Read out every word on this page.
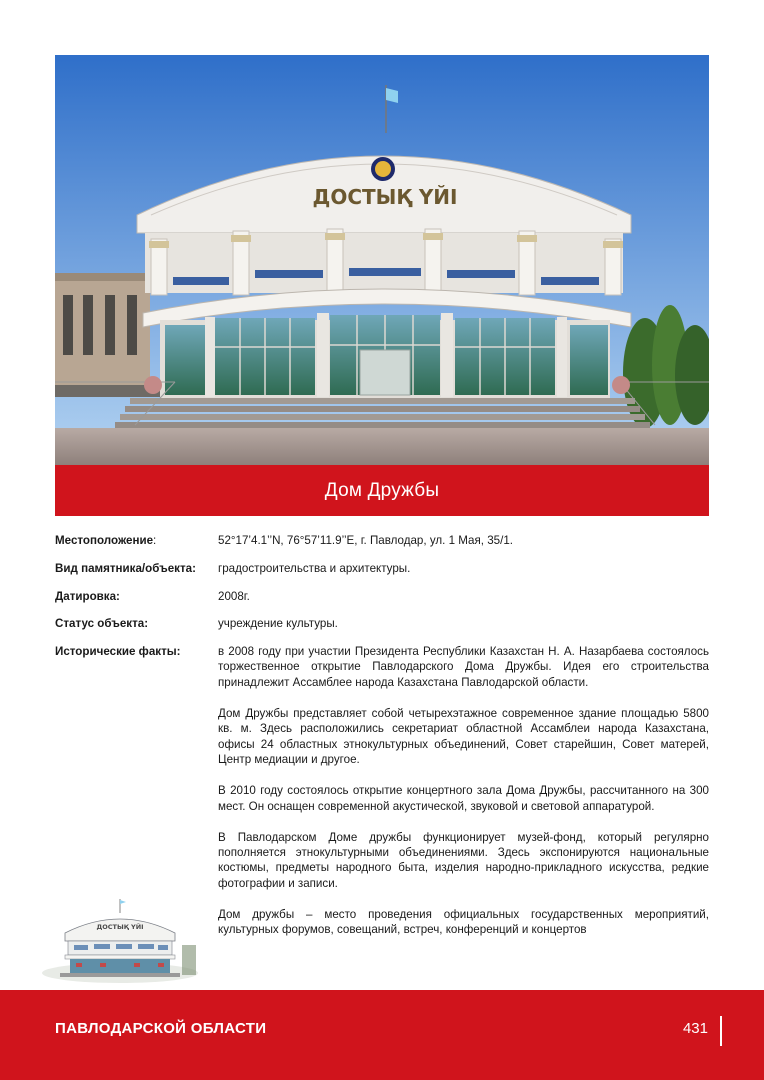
ДОСТЫҚ ҮЙІ
Дом Дружбы
Местоположение:	52°17’4.1’’N, 76°57’11.9’’E, г. Павлодар, ул. 1 Мая, 35/1.
Вид памятника/объекта:	градостроительства и архитектуры.
Датировка:	2008г.
Статус объекта:	учреждение культуры.
Исторические факты:	в 2008 году при участии Президента Республики Казахстан Н. А. Назарбаева состоялось торжественное открытие Павлодарского Дома Дружбы. Идея его строительства принадлежит Ассамблее народа Казахстана Павлодарской области.

Дом Дружбы представляет собой четырехэтажное современное здание площадью 5800 кв. м. Здесь расположились секретариат областной Ассамблеи народа Казахстана, офисы 24 областных этнокультурных объединений, Совет старейшин, Совет матерей, Центр медиации и другое.

В 2010 году состоялось открытие концертного зала Дома Дружбы, рассчитанного на 300 мест. Он оснащен современной акустической, звуковой и световой аппаратурой.

В Павлодарском Доме дружбы функционирует музей-фонд, который регулярно пополняется этнокультурными объединениями. Здесь экспонируются национальные костюмы, предметы народного быта, изделия народно-прикладного искусства, редкие фотографии и записи.

Дом дружбы – место проведения официальных государственных мероприятий, культурных форумов, совещаний, встреч, конференций и концертов

ДОСТЫҚ ҮЙІ
ПАВЛОДАРСКОЙ ОБЛАСТИ	431
